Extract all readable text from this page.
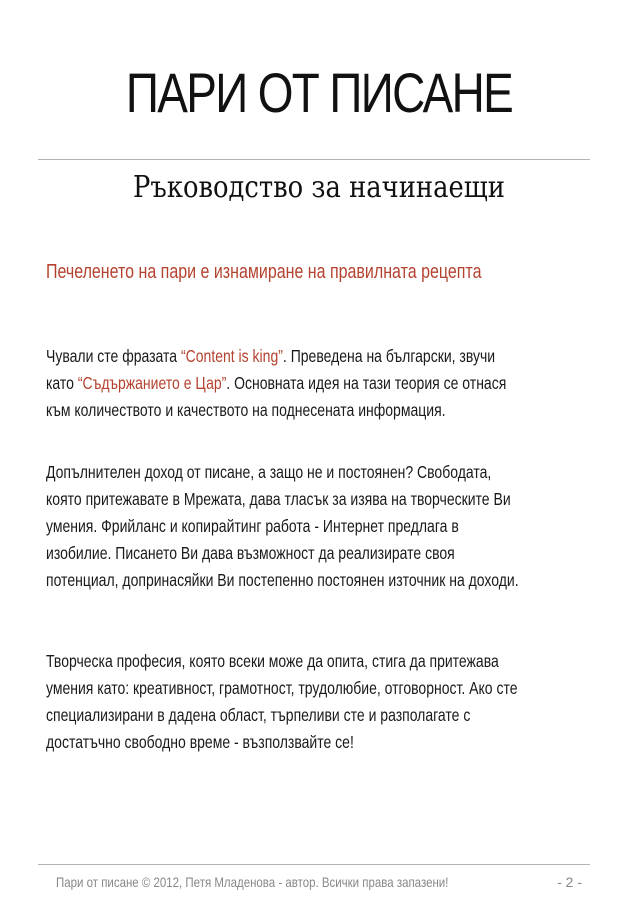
ПАРИ ОТ ПИСАНЕ
Ръководство за начинаещи

Печеленето на пари е изнамиране на правилната рецепта

Чували сте фразата “Content is king”. Преведена на български, звучи
като “Съдържанието е Цар”. Основната идея на тази теория се отнася
към количеството и качеството на поднесената информация.

Допълнителен доход от писане, а защо не и постоянен? Свободата,
която притежавате в Мрежата, дава тласък за изява на творческите Ви
умения. Фрийланс и копирайтинг работа - Интернет предлага в
изобилие. Писането Ви дава възможност да реализирате своя
потенциал, допринасяйки Ви постепенно постоянен източник на доходи.

Творческа професия, която всеки може да опита, стига да притежава
умения като: креативност, грамотност, трудолюбие, отговорност. Ако сте
специализирани в дадена област, търпеливи сте и разполагате с
достатъчно свободно време - възползвайте се!

Пари от писане © 2012, Петя Младенова - автор. Всички права запазени!	- 2 -
